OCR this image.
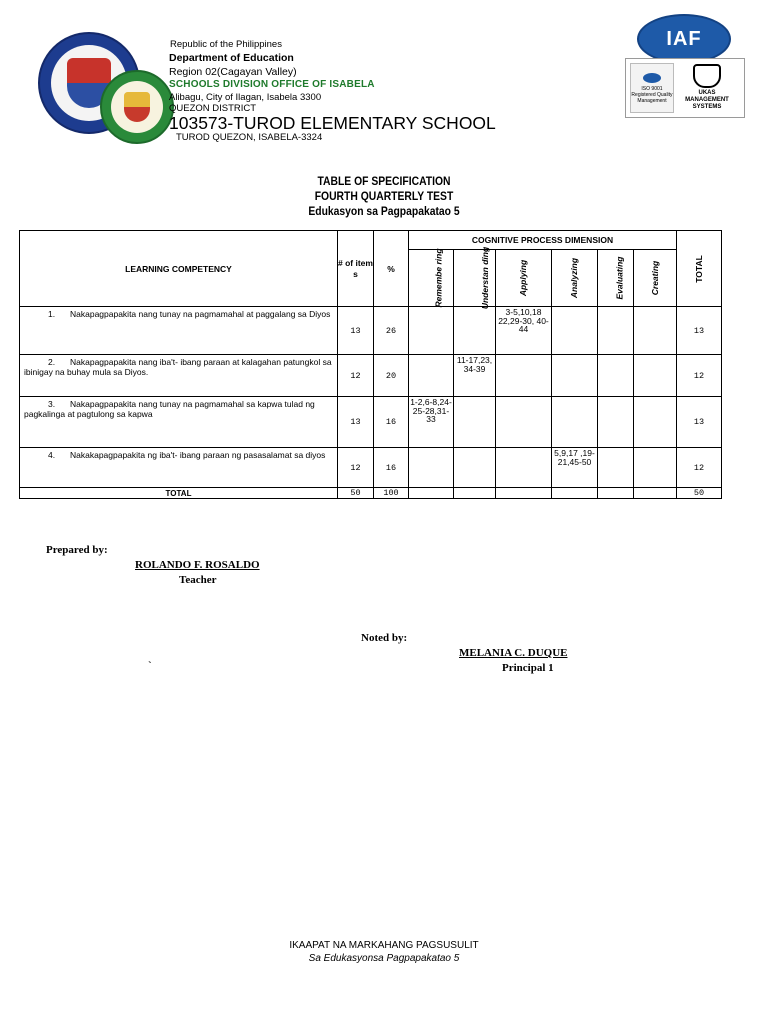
IAF
ISO 9001 Registered Quality Management
UKAS MANAGEMENT SYSTEMS
Republic of the Philippines
Department of Education
Region 02(Cagayan Valley)
SCHOOLS DIVISION OFFICE OF ISABELA
Alibagu, City of Ilagan, Isabela 3300
QUEZON DISTRICT
103573-TUROD ELEMENTARY SCHOOL
TUROD QUEZON, ISABELA-3324
TABLE OF SPECIFICATION
FOURTH QUARTERLY TEST
Edukasyon sa Pagpapakatao 5
LEARNING COMPETENCY	# of item s	%	COGNITIVE PROCESS DIMENSION						TOTAL
			Remembe ring	Understan ding	Applying	Analyzing	Evaluating	Creating	
1. Nakapagpapakita nang tunay na pagmamahal at paggalang sa Diyos	13	26			3-5,10,18 22,29-30, 40-44				13
2. Nakapagpapakita nang iba't- ibang paraan at kalagahan patungkol sa ibinigay na buhay mula sa Diyos.	12	20		11-17,23, 34-39					12
3. Nakapagpapakita nang tunay na pagmamahal sa kapwa tulad ng pagkalinga at pagtulong sa kapwa	13	16	1-2,6-8,24-25-28,31-33						13
4. Nakakapagpapakita ng iba't- ibang paraan ng pasasalamat sa diyos	12	16				5,9,17 ,19-21,45-50			12
TOTAL	50	100							50
Prepared by:
ROLANDO F. ROSALDO
Teacher
Noted by:
`
MELANIA C. DUQUE
Principal 1
IKAAPAT NA MARKAHANG PAGSUSULIT
Sa Edukasyonsa Pagpapakatao 5
